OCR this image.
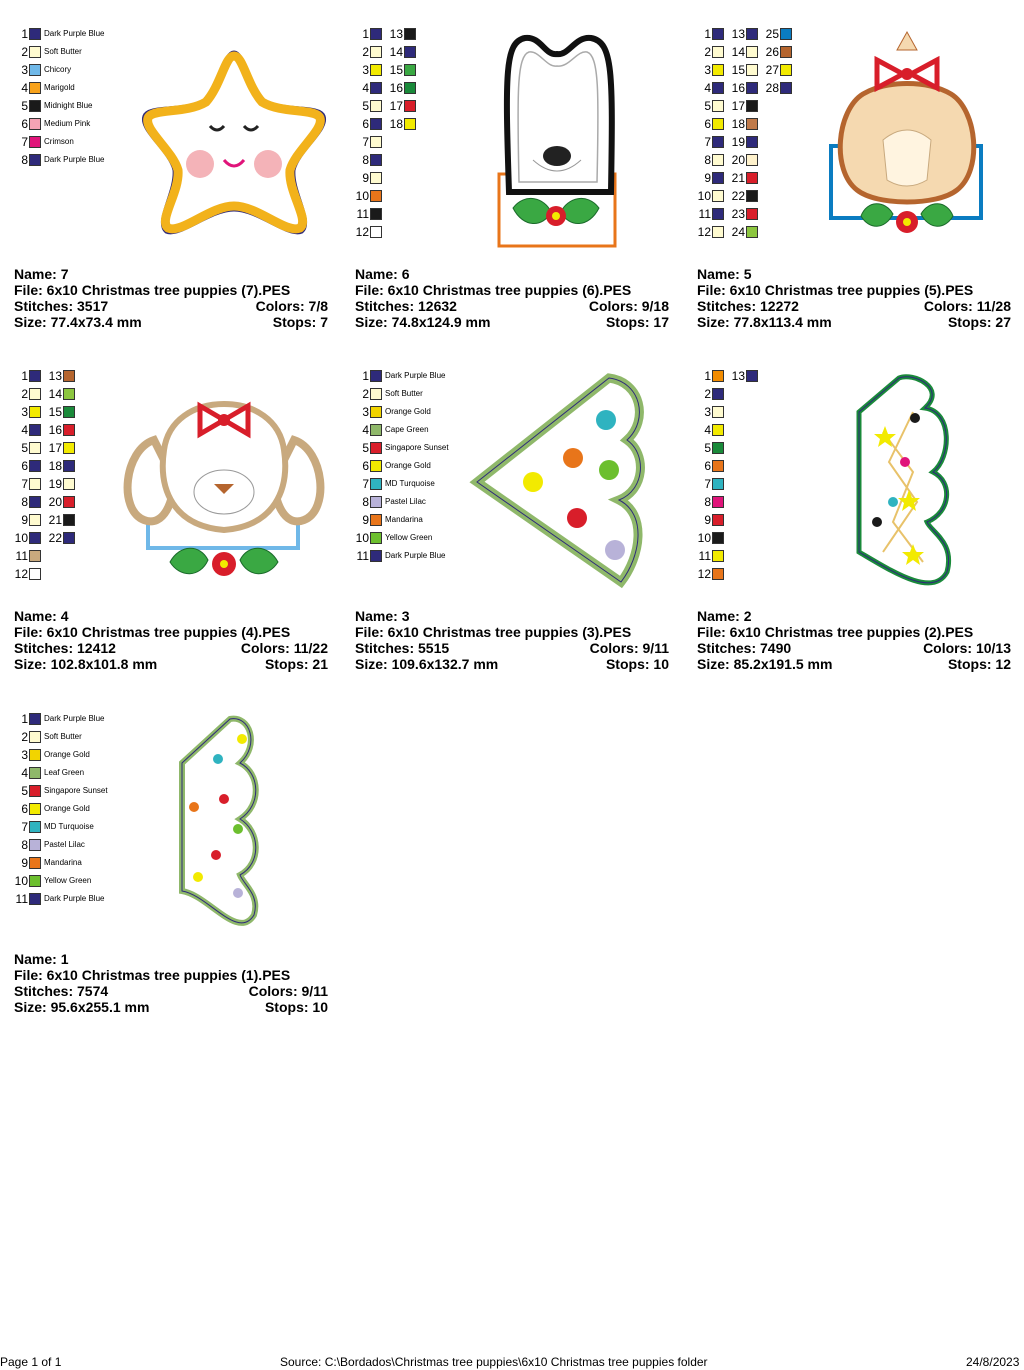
1 Dark Purple Blue
2 Soft Butter
3 Chicory
4 Marigold
5 Midnight Blue
6 Medium Pink
7 Crimson
8 Dark Purple Blue
Name: 7
File: 6x10 Christmas tree puppies (7).PES
Stitches: 3517	Colors: 7/8
Size: 77.4x73.4 mm	Stops: 7
1
2
3
4
5
6
7
8
9
10
11
12
13
14
15
16
17
18
Name: 6
File: 6x10 Christmas tree puppies (6).PES
Stitches: 12632	Colors: 9/18
Size: 74.8x124.9 mm	Stops: 17
1
2
3
4
5
6
7
8
9
10
11
12
13
14
15
16
17
18
19
20
21
22
23
24
25
26
27
28
Name: 5
File: 6x10 Christmas tree puppies (5).PES
Stitches: 12272	Colors: 11/28
Size: 77.8x113.4 mm	Stops: 27
1
2
3
4
5
6
7
8
9
10
11
12
13
14
15
16
17
18
19
20
21
22
Name: 4
File: 6x10 Christmas tree puppies (4).PES
Stitches: 12412	Colors: 11/22
Size: 102.8x101.8 mm	Stops: 21
1 Dark Purple Blue
2 Soft Butter
3 Orange Gold
4 Cape Green
5 Singapore Sunset
6 Orange Gold
7 MD Turquoise
8 Pastel Lilac
9 Mandarina
10 Yellow Green
11 Dark Purple Blue
Name: 3
File: 6x10 Christmas tree puppies (3).PES
Stitches: 5515	Colors: 9/11
Size: 109.6x132.7 mm	Stops: 10
1
2
3
4
5
6
7
8
9
10
11
12
13
Name: 2
File: 6x10 Christmas tree puppies (2).PES
Stitches: 7490	Colors: 10/13
Size: 85.2x191.5 mm	Stops: 12
1 Dark Purple Blue
2 Soft Butter
3 Orange Gold
4 Leaf Green
5 Singapore Sunset
6 Orange Gold
7 MD Turquoise
8 Pastel Lilac
9 Mandarina
10 Yellow Green
11 Dark Purple Blue
Name: 1
File: 6x10 Christmas tree puppies (1).PES
Stitches: 7574	Colors: 9/11
Size: 95.6x255.1 mm	Stops: 10
Page 1 of 1	Source: C:\Bordados\Christmas tree puppies\6x10 Christmas tree puppies folder	24/8/2023
